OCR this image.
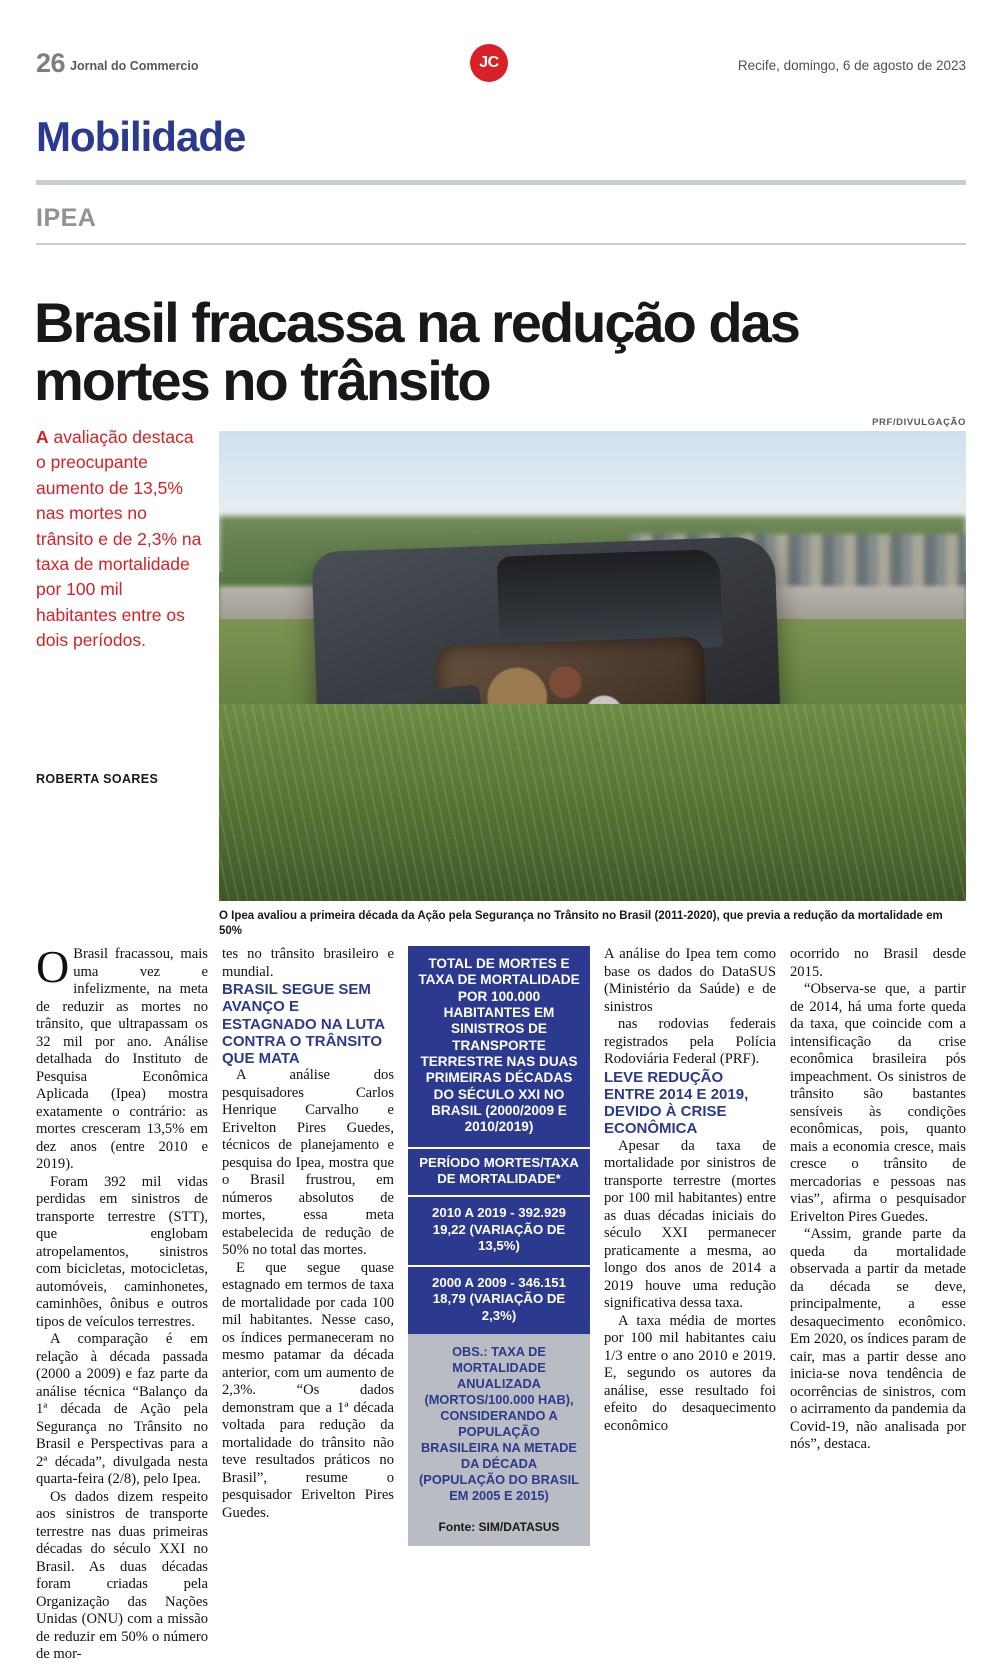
26 Jornal do Commercio	JC	Recife, domingo, 6 de agosto de 2023
Mobilidade
IPEA
Brasil fracassa na redução das mortes no trânsito
A avaliação destaca o preocupante aumento de 13,5% nas mortes no trânsito e de 2,3% na taxa de mortalidade por 100 mil habitantes entre os dois períodos.
ROBERTA SOARES
PRF/DIVULGAÇÃO
O Ipea avaliou a primeira década da Ação pela Segurança no Trânsito no Brasil (2011-2020), que previa a redução da mortalidade em 50%

O Brasil fracassou, mais uma vez e infelizmente, na meta de reduzir as mortes no trânsito, que ultrapassam os 32 mil por ano. Análise detalhada do Instituto de Pesquisa Econômica Aplicada (Ipea) mostra exatamente o contrário: as mortes cresceram 13,5% em dez anos (entre 2010 e 2019).

Foram 392 mil vidas perdidas em sinistros de transporte terrestre (STT), que englobam atropelamentos, sinistros com bicicletas, motocicletas, automóveis, caminhonetes, caminhões, ônibus e outros tipos de veículos terrestres.

A comparação é em relação à década passada (2000 a 2009) e faz parte da análise técnica “Balanço da 1ª década de Ação pela Segurança no Trânsito no Brasil e Perspectivas para a 2ª década”, divulgada nesta quarta-feira (2/8), pelo Ipea.

Os dados dizem respeito aos sinistros de transporte terrestre nas duas primeiras décadas do século XXI no Brasil. As duas décadas foram criadas pela Organização das Nações Unidas (ONU) com a missão de reduzir em 50% o número de mor-

tes no trânsito brasileiro e mundial.

BRASIL SEGUE SEM AVANÇO E ESTAGNADO NA LUTA CONTRA O TRÂNSITO QUE MATA

A análise dos pesquisadores Carlos Henrique Carvalho e Erivelton Pires Guedes, técnicos de planejamento e pesquisa do Ipea, mostra que o Brasil frustrou, em números absolutos de mortes, essa meta estabelecida de redução de 50% no total das mortes.

E que segue quase estagnado em termos de taxa de mortalidade por cada 100 mil habitantes. Nesse caso, os índices permaneceram no mesmo patamar da década anterior, com um aumento de 2,3%. “Os dados demonstram que a 1ª década voltada para redução da mortalidade do trânsito não teve resultados práticos no Brasil”, resume o pesquisador Erivelton Pires Guedes.

TOTAL DE MORTES E TAXA DE MORTALIDADE POR 100.000 HABITANTES EM SINISTROS DE TRANSPORTE TERRESTRE NAS DUAS PRIMEIRAS DÉCADAS DO SÉCULO XXI NO BRASIL (2000/2009 E 2010/2019)
PERÍODO MORTES/TAXA DE MORTALIDADE*
2010 A 2019 - 392.929 19,22 (VARIAÇÃO DE 13,5%)
2000 A 2009 - 346.151 18,79 (VARIAÇÃO DE 2,3%)
OBS.: TAXA DE MORTALIDADE ANUALIZADA (MORTOS/100.000 HAB), CONSIDERANDO A POPULAÇÃO BRASILEIRA NA METADE DA DÉCADA (POPULAÇÃO DO BRASIL EM 2005 E 2015)
Fonte: SIM/DATASUS

A análise do Ipea tem como base os dados do DataSUS (Ministério da Saúde) e de sinistros

nas rodovias federais registrados pela Polícia Rodoviária Federal (PRF).

LEVE REDUÇÃO ENTRE 2014 E 2019, DEVIDO À CRISE ECONÔMICA

Apesar da taxa de mortalidade por sinistros de transporte terrestre (mortes por 100 mil habitantes) entre as duas décadas iniciais do século XXI permanecer praticamente a mesma, ao longo dos anos de 2014 a 2019 houve uma redução significativa dessa taxa.

A taxa média de mortes por 100 mil habitantes caiu 1/3 entre o ano 2010 e 2019. E, segundo os autores da análise, esse resultado foi efeito do desaquecimento econômico

ocorrido no Brasil desde 2015.

“Observa-se que, a partir de 2014, há uma forte queda da taxa, que coincide com a intensificação da crise econômica brasileira pós impeachment. Os sinistros de trânsito são bastantes sensíveis às condições econômicas, pois, quanto mais a economia cresce, mais cresce o trânsito de mercadorias e pessoas nas vias”, afirma o pesquisador Erivelton Pires Guedes.

“Assim, grande parte da queda da mortalidade observada a partir da metade da década se deve, principalmente, a esse desaquecimento econômico. Em 2020, os índices param de cair, mas a partir desse ano inicia-se nova tendência de ocorrências de sinistros, com o acirramento da pandemia da Covid-19, não analisada por nós”, destaca.
